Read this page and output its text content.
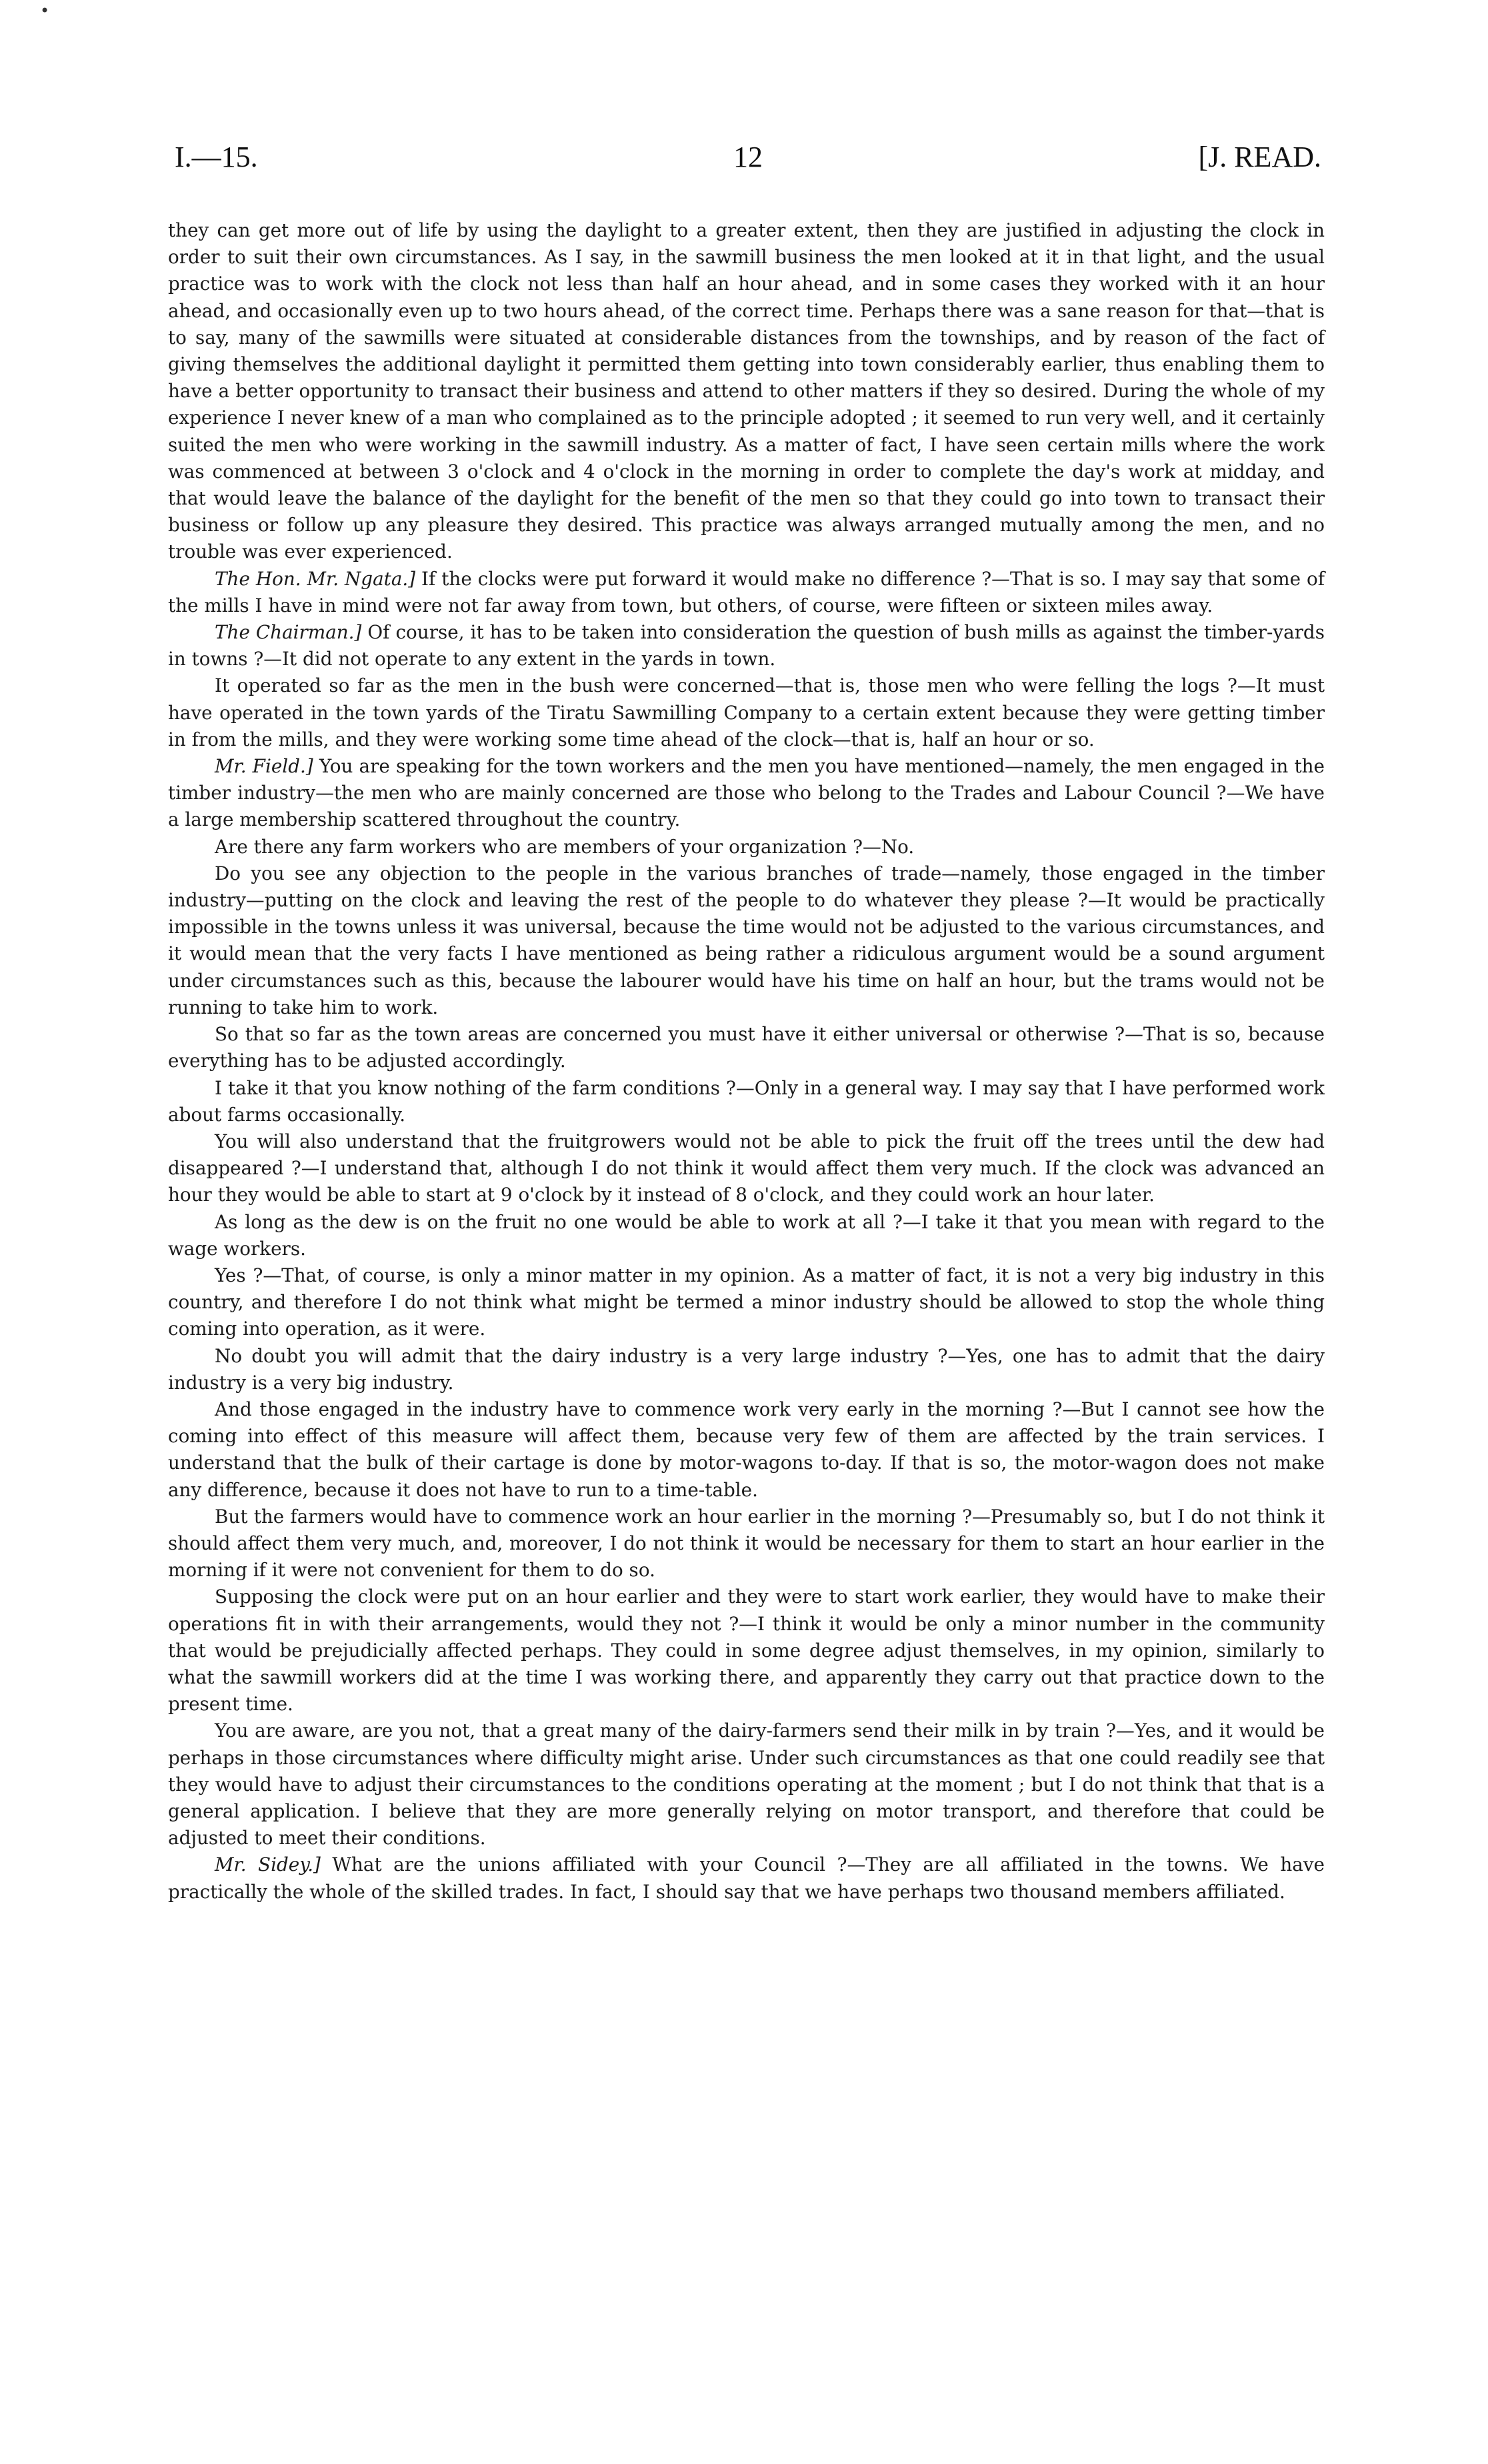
•
I.—15.	12	[J. READ.

they can get more out of life by using the daylight to a greater extent, then they are justified in adjusting the clock in order to suit their own circumstances. As I say, in the sawmill business the men looked at it in that light, and the usual practice was to work with the clock not less than half an hour ahead, and in some cases they worked with it an hour ahead, and occasionally even up to two hours ahead, of the correct time. Perhaps there was a sane reason for that—that is to say, many of the sawmills were situated at considerable distances from the townships, and by reason of the fact of giving themselves the additional daylight it permitted them getting into town considerably earlier, thus enabling them to have a better opportunity to transact their business and attend to other matters if they so desired. During the whole of my experience I never knew of a man who complained as to the principle adopted ; it seemed to run very well, and it certainly suited the men who were working in the sawmill industry. As a matter of fact, I have seen certain mills where the work was commenced at between 3 o'clock and 4 o'clock in the morning in order to complete the day's work at midday, and that would leave the balance of the daylight for the benefit of the men so that they could go into town to transact their business or follow up any pleasure they desired. This practice was always arranged mutually among the men, and no trouble was ever experienced.

The Hon. Mr. Ngata.] If the clocks were put forward it would make no difference ?—That is so. I may say that some of the mills I have in mind were not far away from town, but others, of course, were fifteen or sixteen miles away.

The Chairman.] Of course, it has to be taken into consideration the question of bush mills as against the timber-yards in towns ?—It did not operate to any extent in the yards in town.

It operated so far as the men in the bush were concerned—that is, those men who were felling the logs ?—It must have operated in the town yards of the Tiratu Sawmilling Company to a certain extent because they were getting timber in from the mills, and they were working some time ahead of the clock—that is, half an hour or so.

Mr. Field.] You are speaking for the town workers and the men you have mentioned—namely, the men engaged in the timber industry—the men who are mainly concerned are those who belong to the Trades and Labour Council ?—We have a large membership scattered throughout the country.

Are there any farm workers who are members of your organization ?—No.

Do you see any objection to the people in the various branches of trade—namely, those engaged in the timber industry—putting on the clock and leaving the rest of the people to do whatever they please ?—It would be practically impossible in the towns unless it was universal, because the time would not be adjusted to the various circumstances, and it would mean that the very facts I have mentioned as being rather a ridiculous argument would be a sound argument under circumstances such as this, because the labourer would have his time on half an hour, but the trams would not be running to take him to work.

So that so far as the town areas are concerned you must have it either universal or otherwise ?—That is so, because everything has to be adjusted accordingly.

I take it that you know nothing of the farm conditions ?—Only in a general way. I may say that I have performed work about farms occasionally.

You will also understand that the fruitgrowers would not be able to pick the fruit off the trees until the dew had disappeared ?—I understand that, although I do not think it would affect them very much. If the clock was advanced an hour they would be able to start at 9 o'clock by it instead of 8 o'clock, and they could work an hour later.

As long as the dew is on the fruit no one would be able to work at all ?—I take it that you mean with regard to the wage workers.

Yes ?—That, of course, is only a minor matter in my opinion. As a matter of fact, it is not a very big industry in this country, and therefore I do not think what might be termed a minor industry should be allowed to stop the whole thing coming into operation, as it were.

No doubt you will admit that the dairy industry is a very large industry ?—Yes, one has to admit that the dairy industry is a very big industry.

And those engaged in the industry have to commence work very early in the morning ?—But I cannot see how the coming into effect of this measure will affect them, because very few of them are affected by the train services. I understand that the bulk of their cartage is done by motor-wagons to-day. If that is so, the motor-wagon does not make any difference, because it does not have to run to a time-table.

But the farmers would have to commence work an hour earlier in the morning ?—Presumably so, but I do not think it should affect them very much, and, moreover, I do not think it would be necessary for them to start an hour earlier in the morning if it were not convenient for them to do so.

Supposing the clock were put on an hour earlier and they were to start work earlier, they would have to make their operations fit in with their arrangements, would they not ?—I think it would be only a minor number in the community that would be prejudicially affected perhaps. They could in some degree adjust themselves, in my opinion, similarly to what the sawmill workers did at the time I was working there, and apparently they carry out that practice down to the present time.

You are aware, are you not, that a great many of the dairy-farmers send their milk in by train ?—Yes, and it would be perhaps in those circumstances where difficulty might arise. Under such circumstances as that one could readily see that they would have to adjust their circumstances to the conditions operating at the moment ; but I do not think that that is a general application. I believe that they are more generally relying on motor transport, and therefore that could be adjusted to meet their conditions.

Mr. Sidey.] What are the unions affiliated with your Council ?—They are all affiliated in the towns. We have practically the whole of the skilled trades. In fact, I should say that we have perhaps two thousand members affiliated.
